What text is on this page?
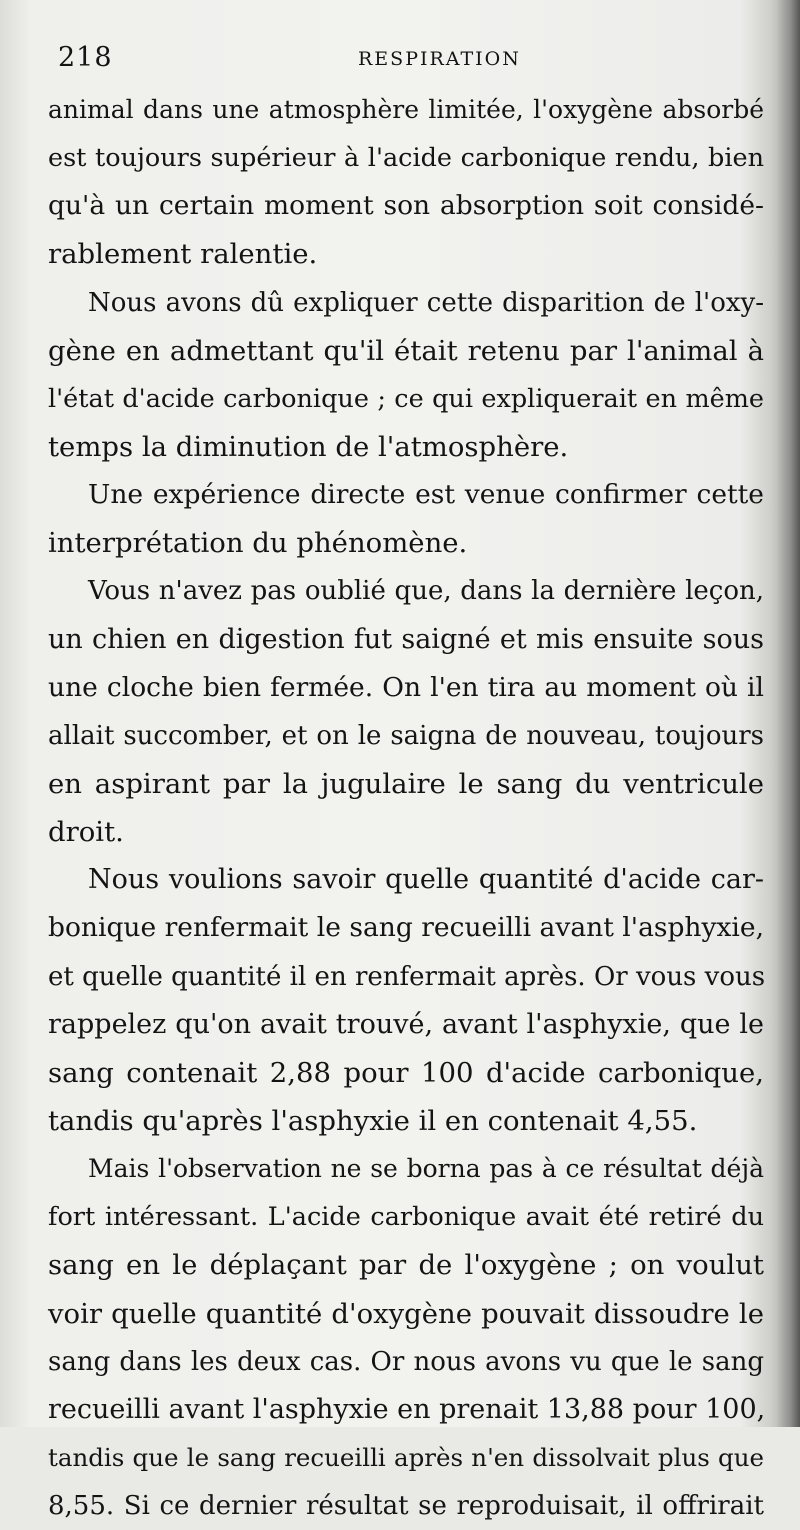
218	RESPIRATION
animal dans une atmosphère limitée, l'oxygène absorbé
est toujours supérieur à l'acide carbonique rendu, bien
qu'à un certain moment son absorption soit considé-
rablement ralentie.
Nous avons dû expliquer cette disparition de l'oxy-
gène en admettant qu'il était retenu par l'animal à
l'état d'acide carbonique ; ce qui expliquerait en même
temps la diminution de l'atmosphère.
Une expérience directe est venue confirmer cette
interprétation du phénomène.
Vous n'avez pas oublié que, dans la dernière leçon,
un chien en digestion fut saigné et mis ensuite sous
une cloche bien fermée. On l'en tira au moment où il
allait succomber, et on le saigna de nouveau, toujours
en aspirant par la jugulaire le sang du ventricule
droit.
Nous voulions savoir quelle quantité d'acide car-
bonique renfermait le sang recueilli avant l'asphyxie,
et quelle quantité il en renfermait après. Or vous vous
rappelez qu'on avait trouvé, avant l'asphyxie, que le
sang contenait 2,88 pour 100 d'acide carbonique,
tandis qu'après l'asphyxie il en contenait 4,55.
Mais l'observation ne se borna pas à ce résultat déjà
fort intéressant. L'acide carbonique avait été retiré du
sang en le déplaçant par de l'oxygène ; on voulut
voir quelle quantité d'oxygène pouvait dissoudre le
sang dans les deux cas. Or nous avons vu que le sang
recueilli avant l'asphyxie en prenait 13,88 pour 100,
tandis que le sang recueilli après n'en dissolvait plus que
8,55. Si ce dernier résultat se reproduisait, il offrirait
